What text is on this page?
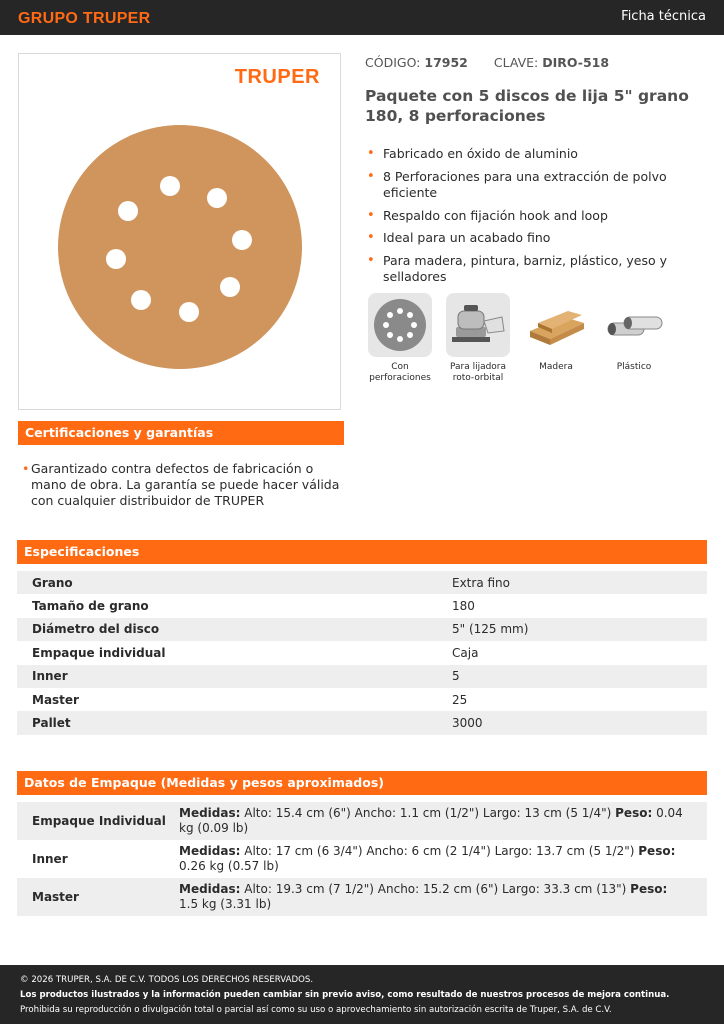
GRUPO TRUPER	Ficha técnica
TRUPER
CÓDIGO: 17952 CLAVE: DIRO-518
Paquete con 5 discos de lija 5" grano 180, 8 perforaciones
• Fabricado en óxido de aluminio
• 8 Perforaciones para una extracción de polvo eficiente
• Respaldo con fijación hook and loop
• Ideal para un acabado fino
• Para madera, pintura, barniz, plástico, yeso y selladores
Con perforaciones
Para lijadora roto-orbital
Madera	Plástico
Certificaciones y garantías
• Garantizado contra defectos de fabricación o mano de obra. La garantía se puede hacer válida con cualquier distribuidor de TRUPER
Especificaciones
Grano	Extra fino
Tamaño de grano	180
Diámetro del disco	5" (125 mm)
Empaque individual	Caja
Inner	5
Master	25
Pallet	3000
Datos de Empaque (Medidas y pesos aproximados)
Empaque Individual	Medidas: Alto: 15.4 cm (6") Ancho: 1.1 cm (1/2") Largo: 13 cm (5 1/4") Peso: 0.04 kg (0.09 lb)
Inner	Medidas: Alto: 17 cm (6 3/4") Ancho: 6 cm (2 1/4") Largo: 13.7 cm (5 1/2") Peso: 0.26 kg (0.57 lb)
Master	Medidas: Alto: 19.3 cm (7 1/2") Ancho: 15.2 cm (6") Largo: 33.3 cm (13") Peso: 1.5 kg (3.31 lb)
© 2026 TRUPER, S.A. DE C.V. TODOS LOS DERECHOS RESERVADOS.
Los productos ilustrados y la información pueden cambiar sin previo aviso, como resultado de nuestros procesos de mejora continua.
Prohibida su reproducción o divulgación total o parcial así como su uso o aprovechamiento sin autorización escrita de Truper, S.A. de C.V.
